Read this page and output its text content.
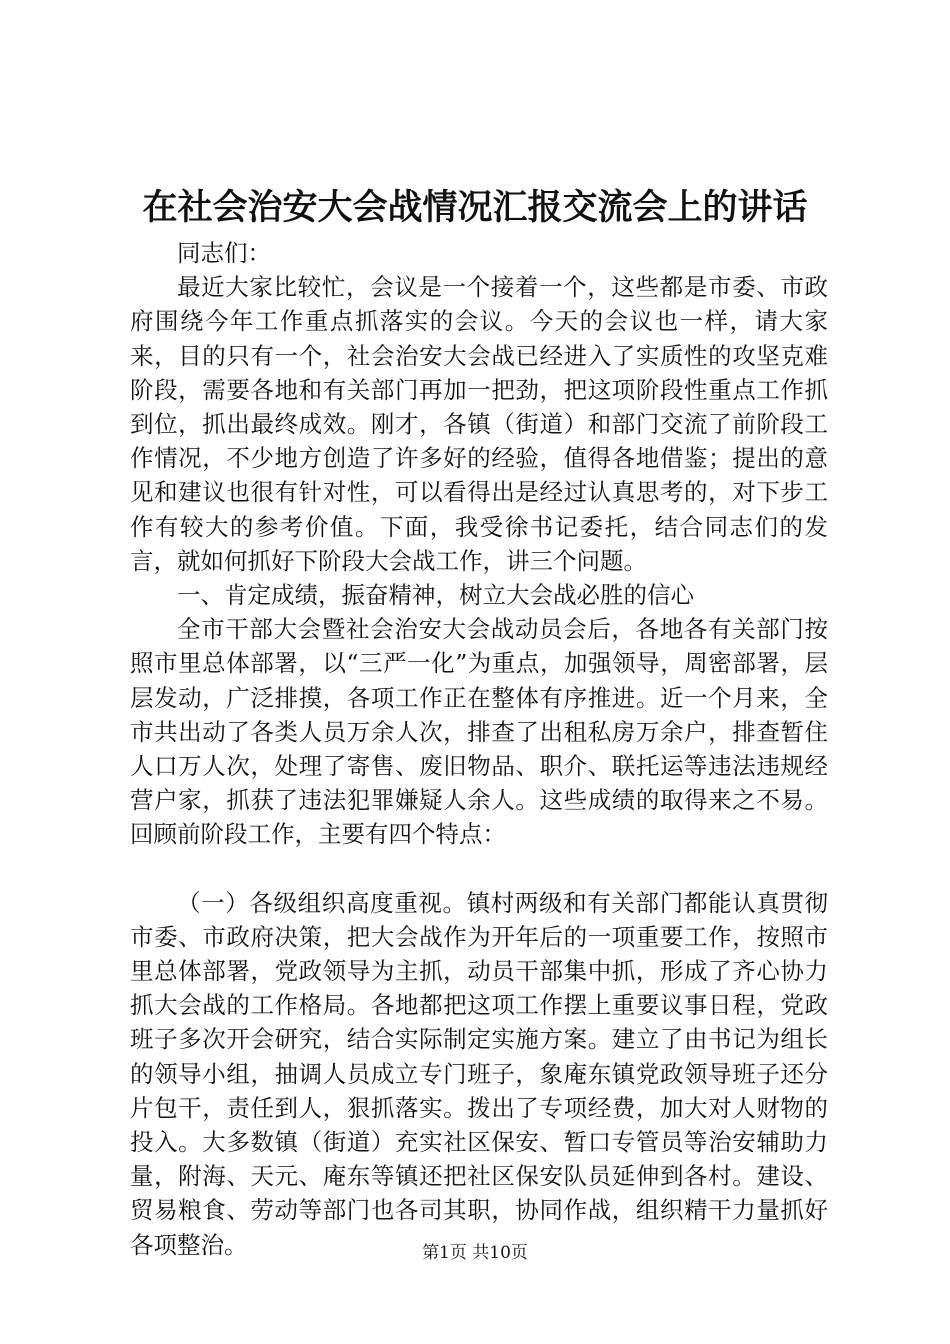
在社会治安大会战情况汇报交流会上的讲话

同志们：

最近大家比较忙，会议是一个接着一个，这些都是市委、市政府围绕今年工作重点抓落实的会议。今天的会议也一样，请大家来，目的只有一个，社会治安大会战已经进入了实质性的攻坚克难阶段，需要各地和有关部门再加一把劲，把这项阶段性重点工作抓到位，抓出最终成效。刚才，各镇（街道）和部门交流了前阶段工作情况，不少地方创造了许多好的经验，值得各地借鉴；提出的意见和建议也很有针对性，可以看得出是经过认真思考的，对下步工作有较大的参考价值。下面，我受徐书记委托，结合同志们的发言，就如何抓好下阶段大会战工作，讲三个问题。

一、肯定成绩，振奋精神，树立大会战必胜的信心

全市干部大会暨社会治安大会战动员会后，各地各有关部门按照市里总体部署，以“三严一化”为重点，加强领导，周密部署，层层发动，广泛排摸，各项工作正在整体有序推进。近一个月来，全市共出动了各类人员万余人次，排查了出租私房万余户，排查暂住人口万人次，处理了寄售、废旧物品、职介、联托运等违法违规经营户家，抓获了违法犯罪嫌疑人余人。这些成绩的取得来之不易。回顾前阶段工作，主要有四个特点：

（一）各级组织高度重视。镇村两级和有关部门都能认真贯彻市委、市政府决策，把大会战作为开年后的一项重要工作，按照市里总体部署，党政领导为主抓，动员干部集中抓，形成了齐心协力抓大会战的工作格局。各地都把这项工作摆上重要议事日程，党政班子多次开会研究，结合实际制定实施方案。建立了由书记为组长的领导小组，抽调人员成立专门班子，象庵东镇党政领导班子还分片包干，责任到人，狠抓落实。拨出了专项经费，加大对人财物的投入。大多数镇（街道）充实社区保安、暂口专管员等治安辅助力量，附海、天元、庵东等镇还把社区保安队员延伸到各村。建设、贸易粮食、劳动等部门也各司其职，协同作战，组织精干力量抓好各项整治。	第1页 共10页
